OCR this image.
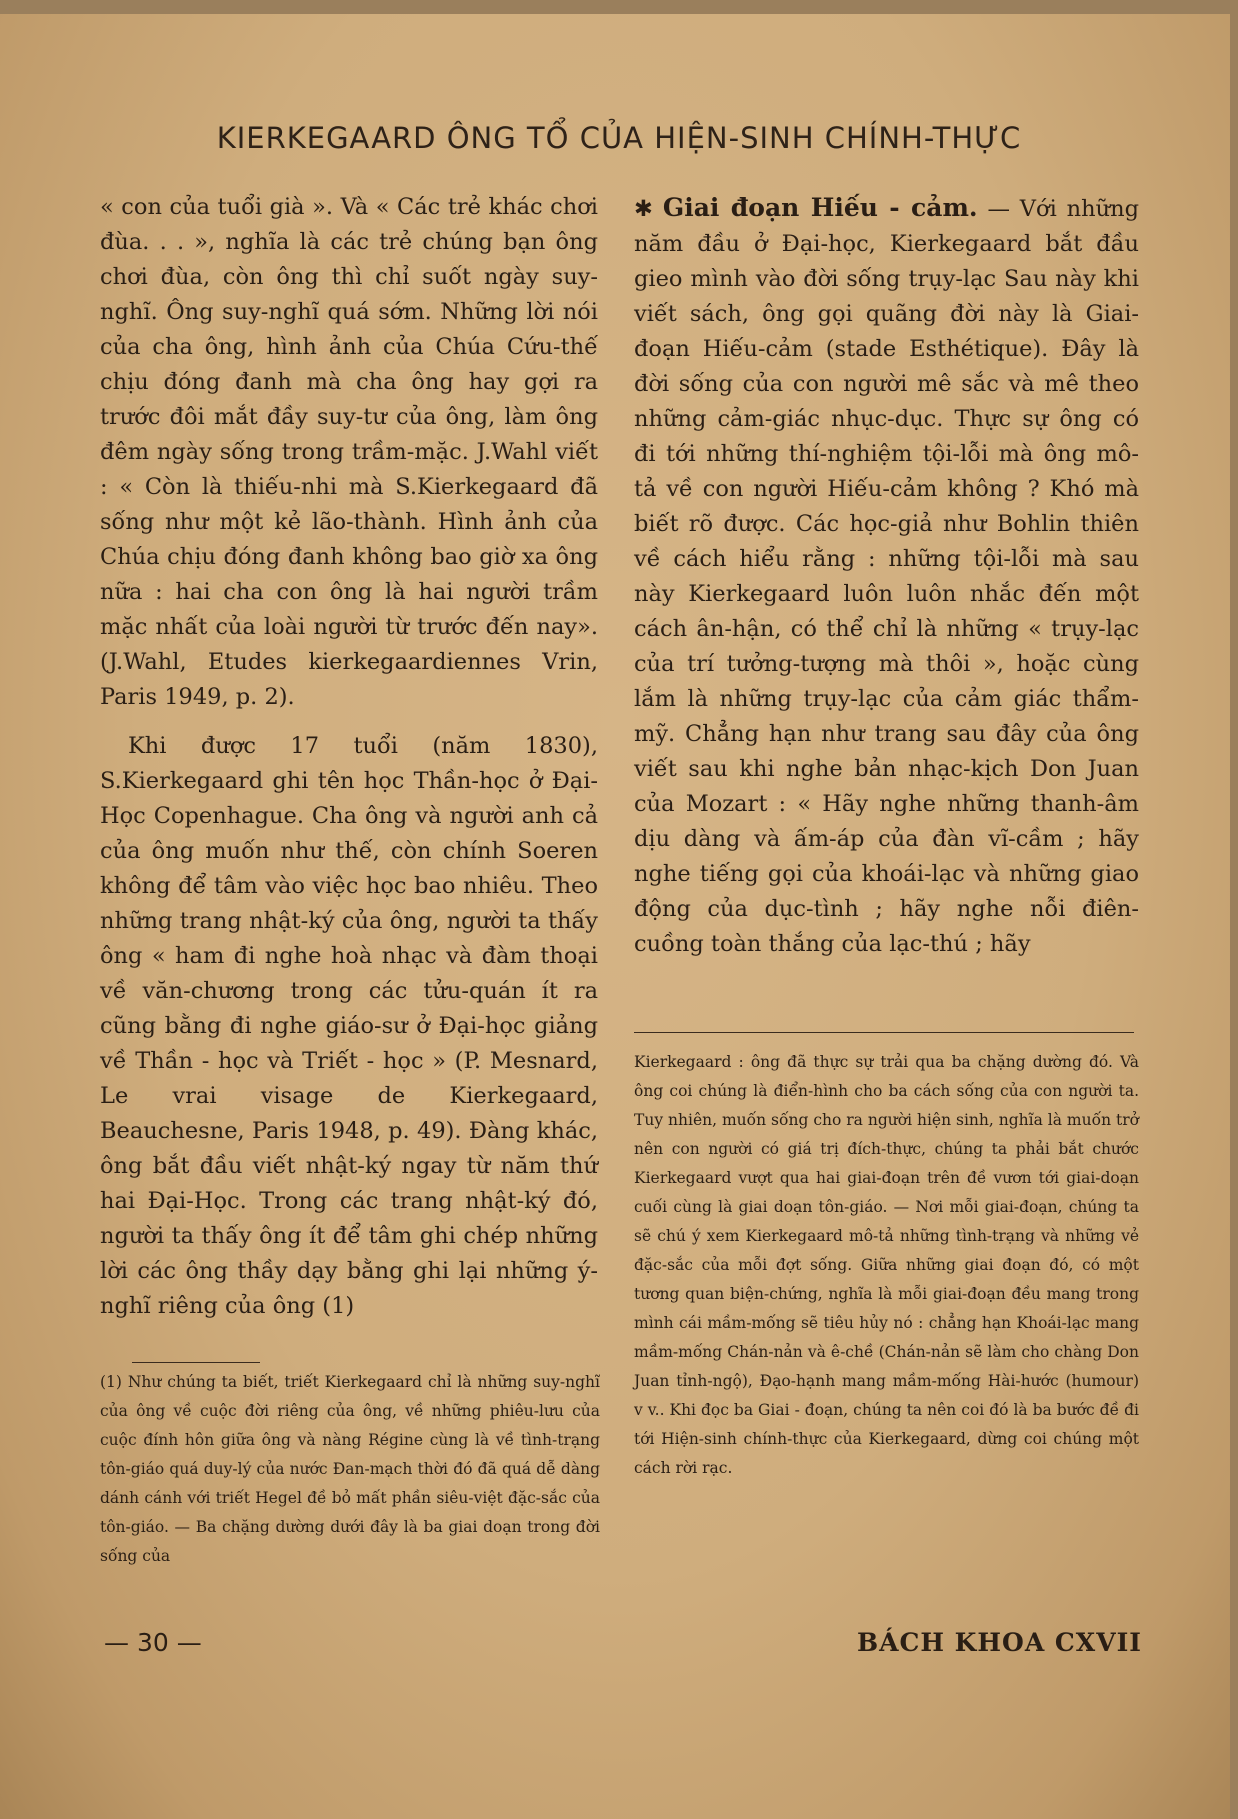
KIERKEGAARD ÔNG TỔ CỦA HIỆN-SINH CHÍNH-THỰC

« con của tuổi già ». Và « Các trẻ khác chơi đùa. . . », nghĩa là các trẻ chúng bạn ông chơi đùa, còn ông thì chỉ suốt ngày suy-nghĩ. Ông suy-nghĩ quá sớm. Những lời nói của cha ông, hình ảnh của Chúa Cứu-thế chịu đóng đanh mà cha ông hay gợi ra trước đôi mắt đầy suy-tư của ông, làm ông đêm ngày sống trong trầm-mặc. J.Wahl viết : « Còn là thiếu-nhi mà S.Kierkegaard đã sống như một kẻ lão-thành. Hình ảnh của Chúa chịu đóng đanh không bao giờ xa ông nữa : hai cha con ông là hai người trầm mặc nhất của loài người từ trước đến nay». (J.Wahl, Etudes kierkegaardiennes Vrin, Paris 1949, p. 2).

Khi được 17 tuổi (năm 1830), S.Kierkegaard ghi tên học Thần-học ở Đại-Học Copenhague. Cha ông và người anh cả của ông muốn như thế, còn chính Soeren không để tâm vào việc học bao nhiêu. Theo những trang nhật-ký của ông, người ta thấy ông « ham đi nghe hoà nhạc và đàm thoại về văn-chương trong các tửu-quán ít ra cũng bằng đi nghe giáo-sư ở Đại-học giảng về Thần - học và Triết - học » (P. Mesnard, Le vrai visage de Kierkegaard, Beauchesne, Paris 1948, p. 49). Đàng khác, ông bắt đầu viết nhật-ký ngay từ năm thứ hai Đại-Học. Trong các trang nhật-ký đó, người ta thấy ông ít để tâm ghi chép những lời các ông thầy dạy bằng ghi lại những ý-nghĩ riêng của ông (1)

✱ Giai đoạn Hiếu - cảm. — Với những năm đầu ở Đại-học, Kierkegaard bắt đầu gieo mình vào đời sống trụy-lạc Sau này khi viết sách, ông gọi quãng đời này là Giai-đoạn Hiếu-cảm (stade Esthétique). Đây là đời sống của con người mê sắc và mê theo những cảm-giác nhục-dục. Thực sự ông có đi tới những thí-nghiệm tội-lỗi mà ông mô-tả về con người Hiếu-cảm không ? Khó mà biết rõ được. Các học-giả như Bohlin thiên về cách hiểu rằng : những tội-lỗi mà sau này Kierkegaard luôn luôn nhắc đến một cách ân-hận, có thể chỉ là những « trụy-lạc của trí tưởng-tượng mà thôi », hoặc cùng lắm là những trụy-lạc của cảm giác thẩm-mỹ. Chẳng hạn như trang sau đây của ông viết sau khi nghe bản nhạc-kịch Don Juan của Mozart : « Hãy nghe những thanh-âm dịu dàng và ấm-áp của đàn vĩ-cầm ; hãy nghe tiếng gọi của khoái-lạc và những giao động của dục-tình ; hãy nghe nỗi điên-cuồng toàn thắng của lạc-thú ; hãy

Kierkegaard : ông đã thực sự trải qua ba chặng dường đó. Và ông coi chúng là điển-hình cho ba cách sống của con người ta. Tuy nhiên, muốn sống cho ra người hiện sinh, nghĩa là muốn trở nên con người có giá trị đích-thực, chúng ta phải bắt chước Kierkegaard vượt qua hai giai-đoạn trên đề vươn tới giai-doạn cuối cùng là giai doạn tôn-giáo. — Nơi mỗi giai-đoạn, chúng ta sẽ chú ý xem Kierkegaard mô-tả những tình-trạng và những vẻ đặc-sắc của mỗi đợt sống. Giữa những giai đoạn đó, có một tương quan biện-chứng, nghĩa là mỗi giai-đoạn đều mang trong mình cái mầm-mống sẽ tiêu hủy nó : chẳng hạn Khoái-lạc mang mầm-mống Chán-nản và ê-chề (Chán-nản sẽ làm cho chàng Don Juan tỉnh-ngộ), Đạo-hạnh mang mầm-mống Hài-hước (humour) v v.. Khi đọc ba Giai - đoạn, chúng ta nên coi đó là ba bước đề đi tới Hiện-sinh chính-thực của Kierkegaard, dừng coi chúng một cách rời rạc.
(1) Như chúng ta biết, triết Kierkegaard chỉ là những suy-nghĩ của ông về cuộc đời riêng của ông, về những phiêu-lưu của cuộc đính hôn giữa ông và nàng Régine cùng là về tình-trạng tôn-giáo quá duy-lý của nước Đan-mạch thời đó đã quá dễ dàng dánh cánh với triết Hegel đề bỏ mất phần siêu-việt đặc-sắc của tôn-giáo. — Ba chặng dường dưới đây là ba giai doạn trong đời sống của
— 30 —	BÁCH KHOA CXVII
